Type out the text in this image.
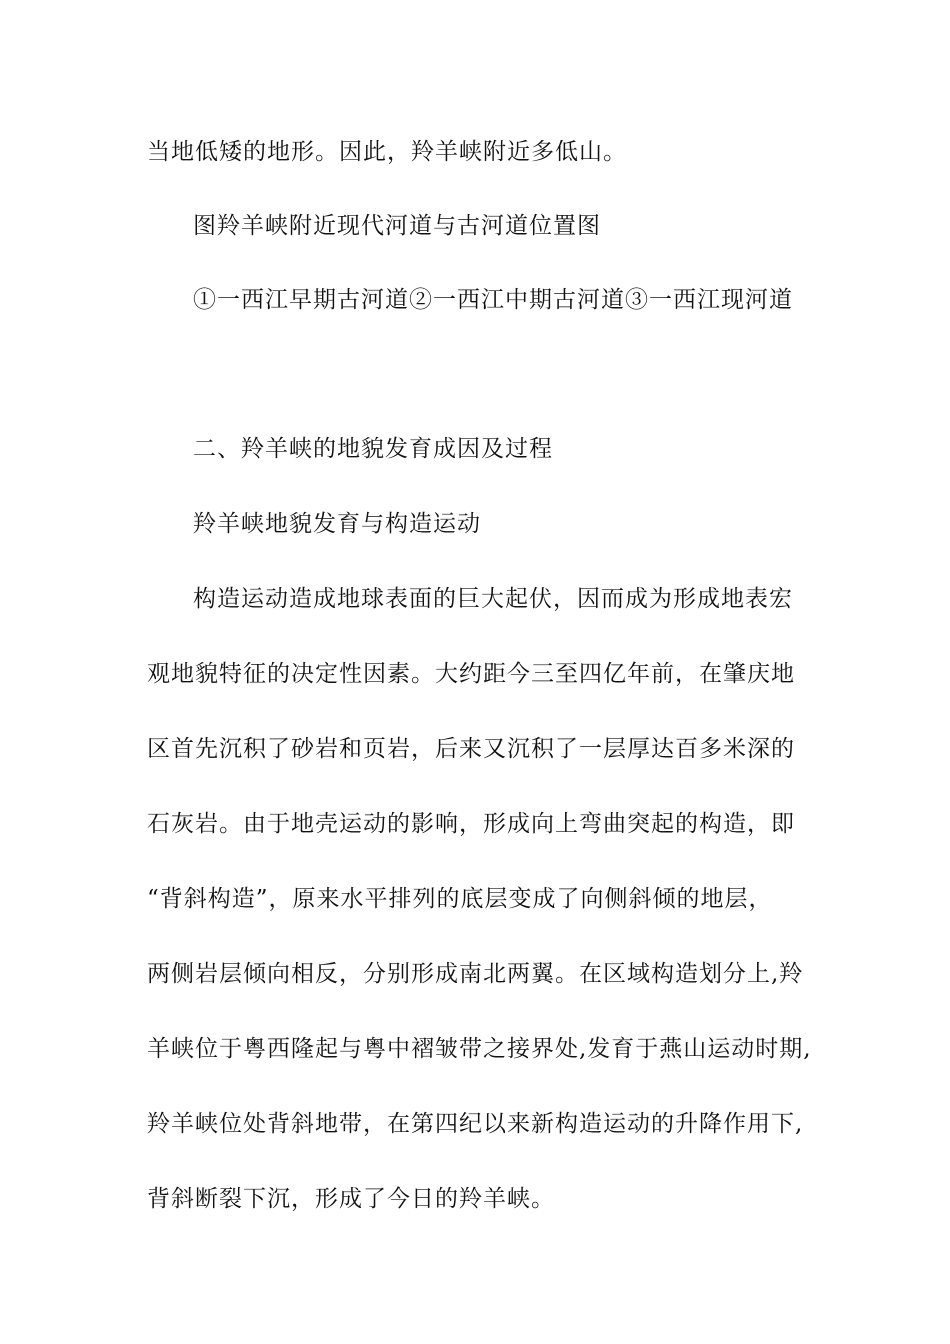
当地低矮的地形。因此，羚羊峡附近多低山。
图羚羊峡附近现代河道与古河道位置图
①一西江早期古河道②一西江中期古河道③一西江现河道
二、羚羊峡的地貌发育成因及过程
羚羊峡地貌发育与构造运动
构造运动造成地球表面的巨大起伏，因而成为形成地表宏
观地貌特征的决定性因素。大约距今三至四亿年前，在肇庆地
区首先沉积了砂岩和页岩，后来又沉积了一层厚达百多米深的
石灰岩。由于地壳运动的影响，形成向上弯曲突起的构造，即
“背斜构造”，原来水平排列的底层变成了向侧斜倾的地层，
两侧岩层倾向相反，分别形成南北两翼。在区域构造划分上,羚
羊峡位于粤西隆起与粤中褶皱带之接界处,发育于燕山运动时期,
羚羊峡位处背斜地带，在第四纪以来新构造运动的升降作用下,
背斜断裂下沉，形成了今日的羚羊峡。
